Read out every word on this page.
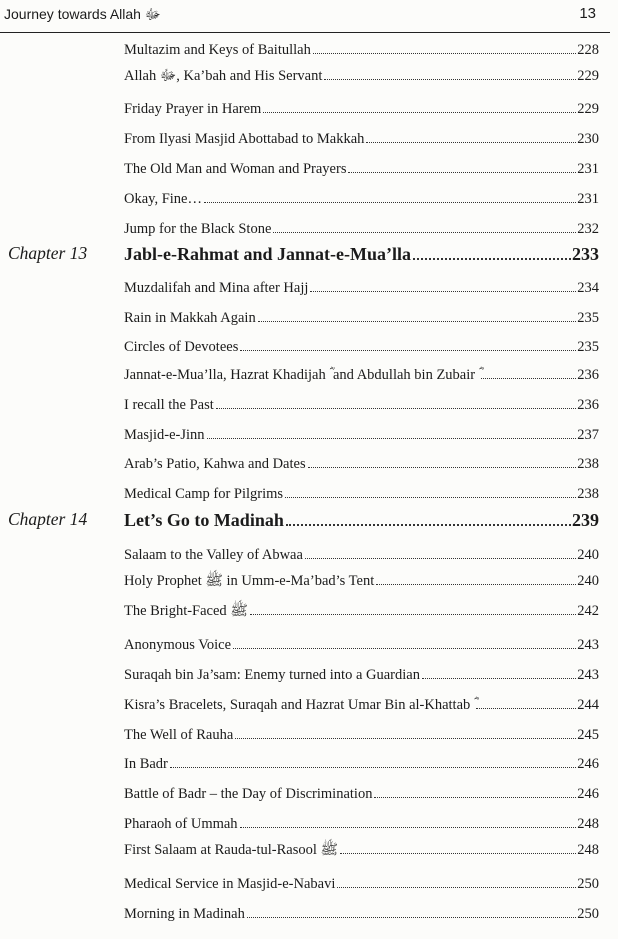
Journey towards Allah ﷻ	13
Multazim and Keys of Baitullah	228
Allah ﷻ, Ka’bah and His Servant	229
Friday Prayer in Harem	229
From Ilyasi Masjid Abottabad to Makkah	230
The Old Man and Woman and Prayers	231
Okay, Fine…	231
Jump for the Black Stone	232
Chapter 13 Jabl-e-Rahmat and Jannat-e-Mua’lla	233
Muzdalifah and Mina after Hajj	234
Rain in Makkah Again	235
Circles of Devotees	235
Jannat-e-Mua’lla, Hazrat Khadijah ؓ and Abdullah bin Zubair ؓ	236
I recall the Past	236
Masjid-e-Jinn	237
Arab’s Patio, Kahwa and Dates	238
Medical Camp for Pilgrims	238
Chapter 14 Let’s Go to Madinah	239
Salaam to the Valley of Abwaa	240
Holy Prophet ﷺ in Umm-e-Ma’bad’s Tent	240
The Bright-Faced ﷺ	242
Anonymous Voice	243
Suraqah bin Ja’sam: Enemy turned into a Guardian	243
Kisra’s Bracelets, Suraqah and Hazrat Umar Bin al-Khattab ؓ	244
The Well of Rauha	245
In Badr	246
Battle of Badr – the Day of Discrimination	246
Pharaoh of Ummah	248
First Salaam at Rauda-tul-Rasool ﷺ	248
Medical Service in Masjid-e-Nabavi	250
Morning in Madinah	250
